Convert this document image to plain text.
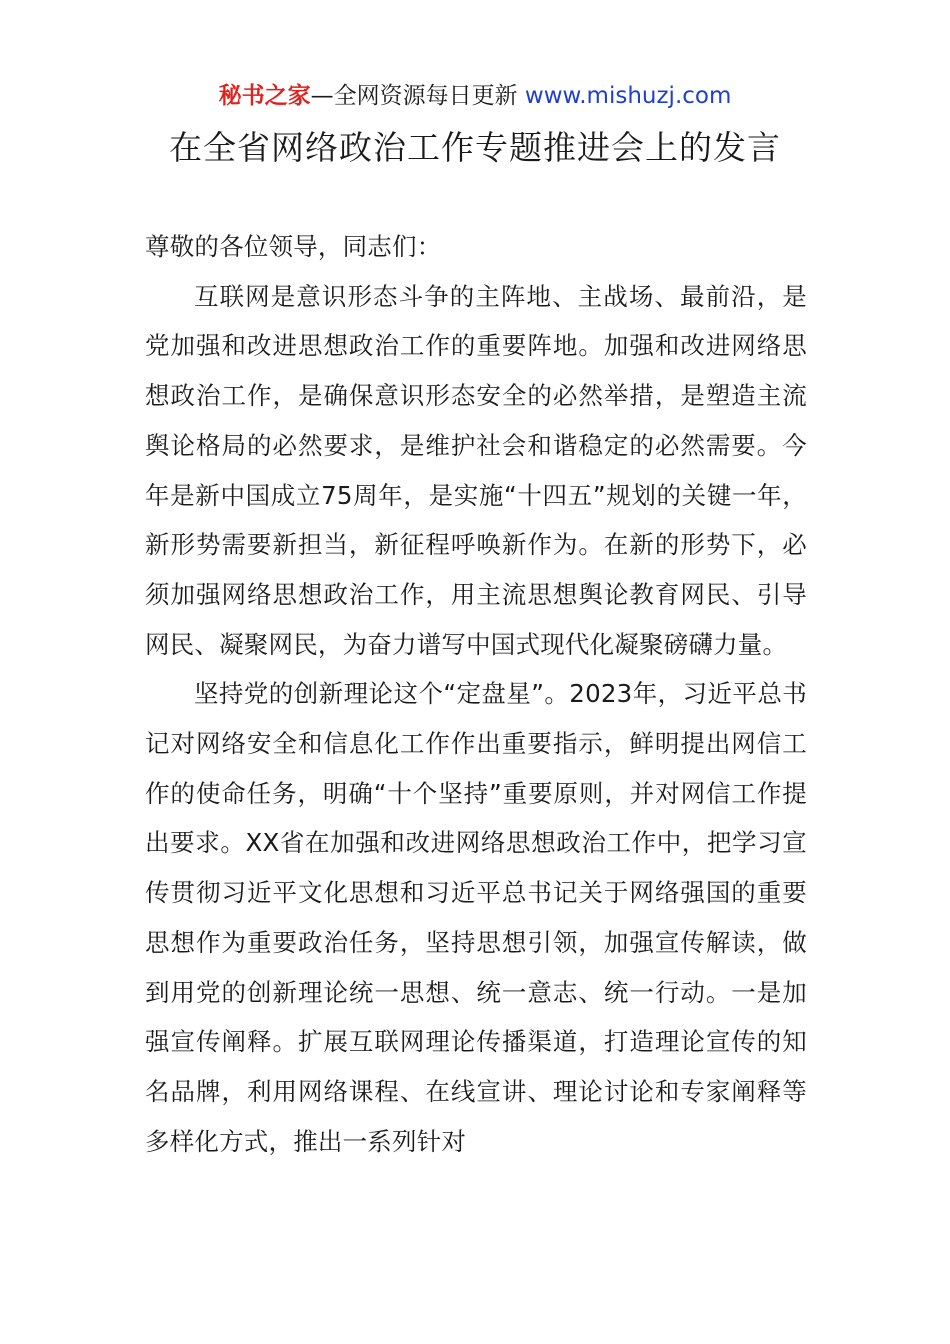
秘书之家—全网资源每日更新 www.mishuzj.com
在全省网络政治工作专题推进会上的发言

尊敬的各位领导，同志们：

互联网是意识形态斗争的主阵地、主战场、最前沿，是党加强和改进思想政治工作的重要阵地。加强和改进网络思想政治工作，是确保意识形态安全的必然举措，是塑造主流舆论格局的必然要求，是维护社会和谐稳定的必然需要。今年是新中国成立75周年，是实施“十四五”规划的关键一年，新形势需要新担当，新征程呼唤新作为。在新的形势下，必须加强网络思想政治工作，用主流思想舆论教育网民、引导网民、凝聚网民，为奋力谱写中国式现代化凝聚磅礴力量。

坚持党的创新理论这个“定盘星”。2023年，习近平总书记对网络安全和信息化工作作出重要指示，鲜明提出网信工作的使命任务，明确“十个坚持”重要原则，并对网信工作提出要求。XX省在加强和改进网络思想政治工作中，把学习宣传贯彻习近平文化思想和习近平总书记关于网络强国的重要思想作为重要政治任务，坚持思想引领，加强宣传解读，做到用党的创新理论统一思想、统一意志、统一行动。一是加强宣传阐释。扩展互联网理论传播渠道，打造理论宣传的知名品牌，利用网络课程、在线宣讲、理论讨论和专家阐释等多样化方式，推出一系列针对
